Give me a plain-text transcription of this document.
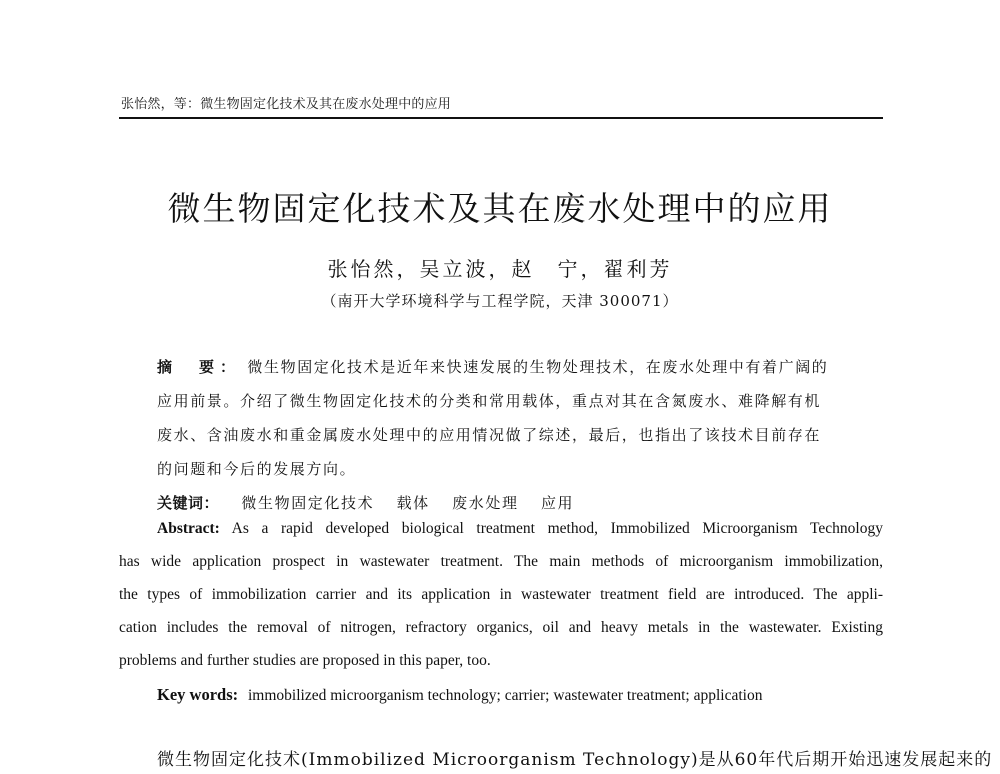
张怡然，等：微生物固定化技术及其在废水处理中的应用
微生物固定化技术及其在废水处理中的应用
张怡然，吴立波，赵　宁，翟利芳
（南开大学环境科学与工程学院，天津 300071）
摘　要： 微生物固定化技术是近年来快速发展的生物处理技术，在废水处理中有着广阔的
应用前景。介绍了微生物固定化技术的分类和常用载体，重点对其在含氮废水、难降解有机
废水、含油废水和重金属废水处理中的应用情况做了综述，最后，也指出了该技术目前存在
的问题和今后的发展方向。
关键词： 微生物固定化技术 载体 废水处理 应用
Abstract: As a rapid developed biological treatment method, Immobilized Microorganism Technology
has wide application prospect in wastewater treatment. The main methods of microorganism immobilization,
the types of immobilization carrier and its application in wastewater treatment field are introduced. The appli-
cation includes the removal of nitrogen, refractory organics, oil and heavy metals in the wastewater. Existing
problems and further studies are proposed in this paper, too.
Key words: immobilized microorganism technology; carrier; wastewater treatment; application
微生物固定化技术(Immobilized Microorganism Technology)是从60年代后期开始迅速发展起来的
